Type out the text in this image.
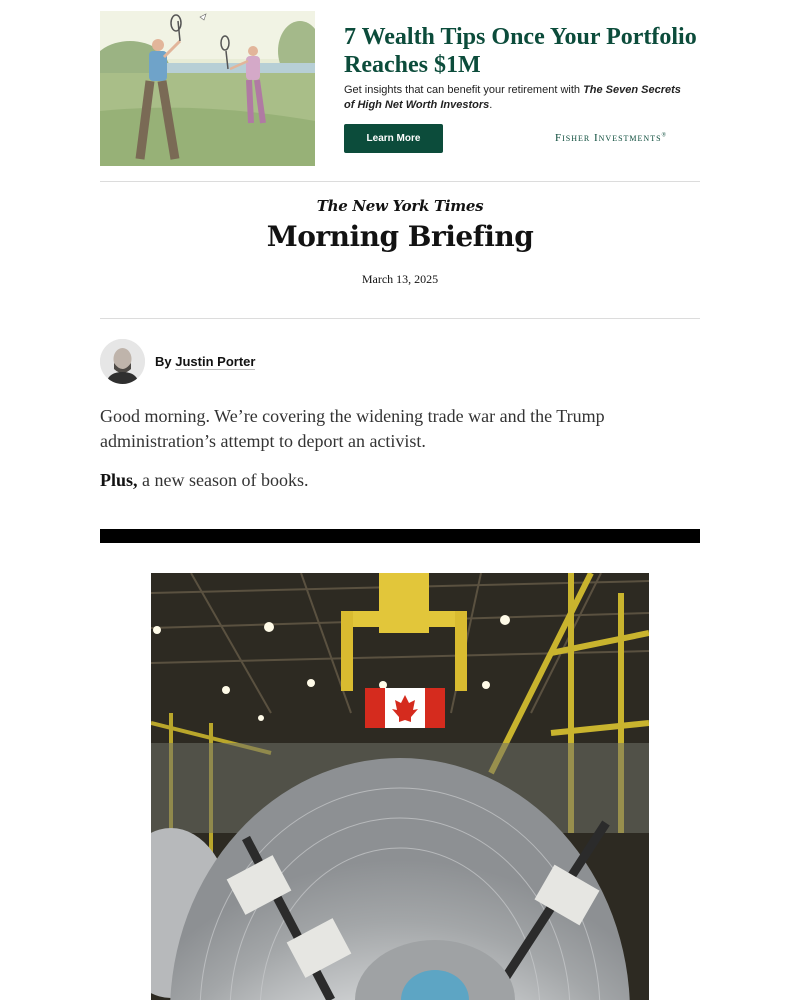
7 Wealth Tips Once Your Portfolio Reaches $1M
Get insights that can benefit your retirement with The Seven Secrets of High Net Worth Investors.
Learn More	Fisher Investments®
The New York Times
Morning Briefing
March 13, 2025
By Justin Porter

Good morning. We’re covering the widening trade war and the Trump administration’s attempt to deport an activist.

Plus, a new season of books.
